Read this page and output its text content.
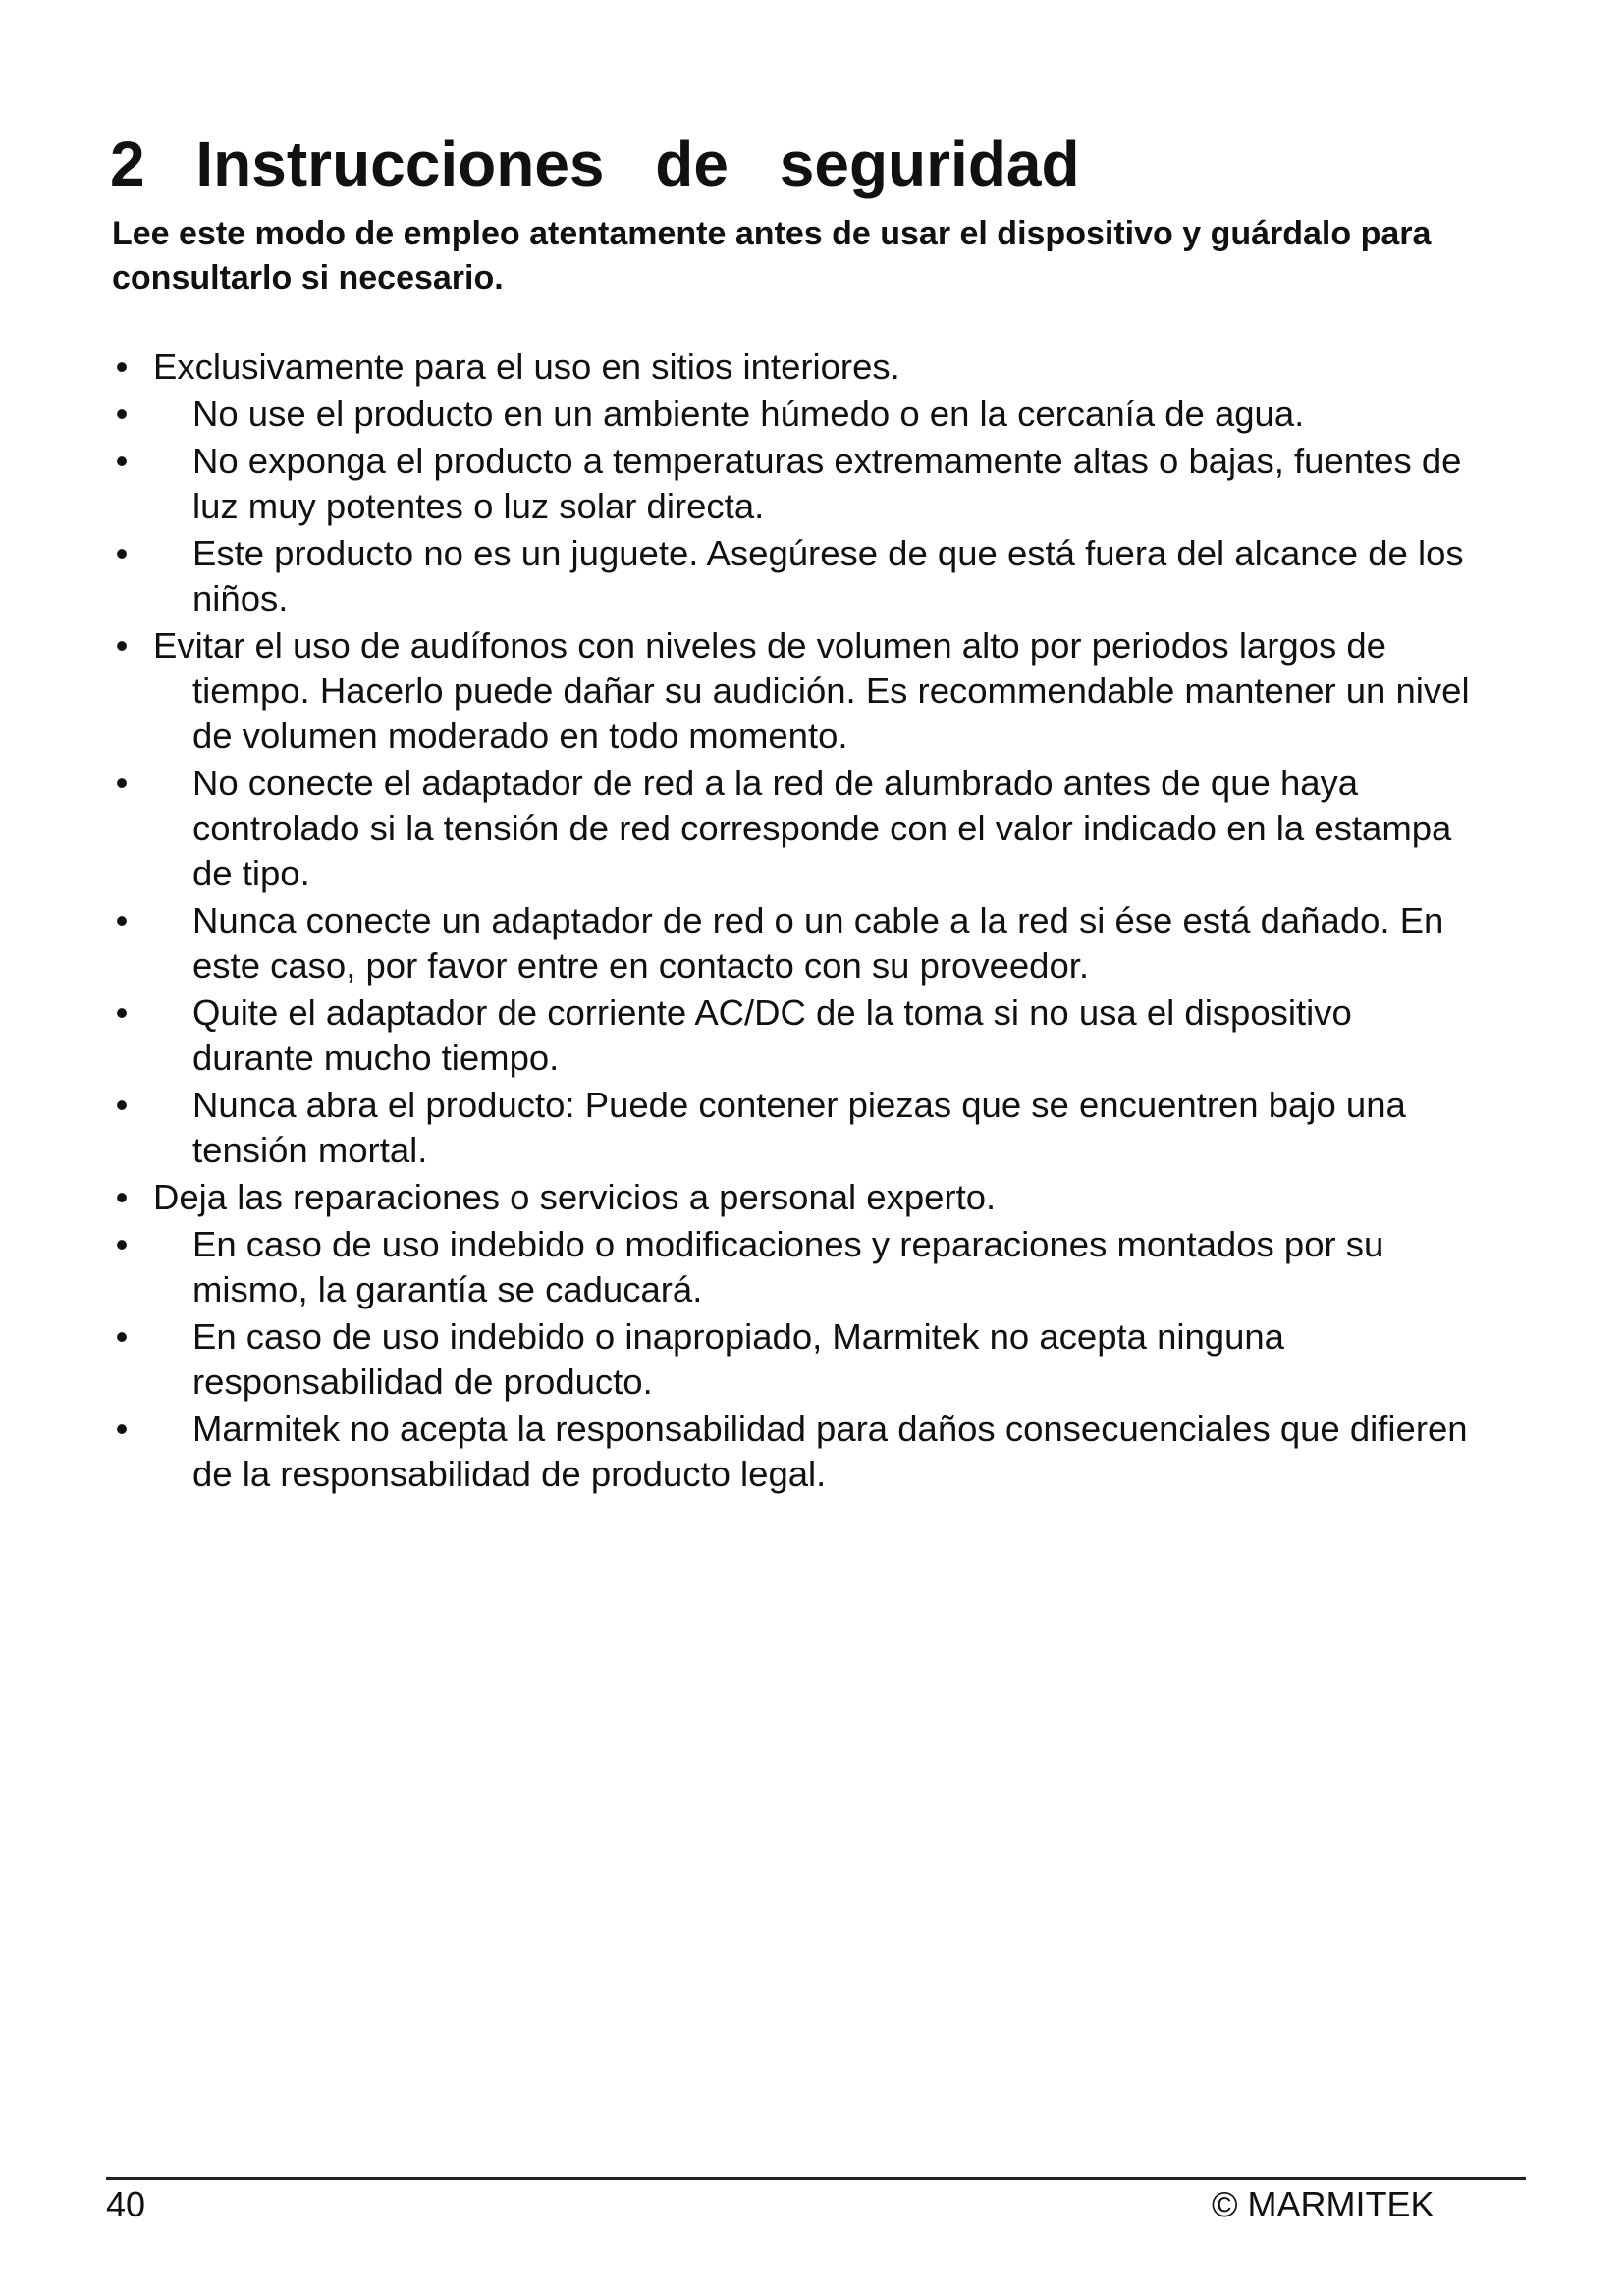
2 Instrucciones de seguridad

Lee este modo de empleo atentamente antes de usar el dispositivo y guárdalo para consultarlo si necesario.

• Exclusivamente para el uso en sitios interiores.
•	No use el producto en un ambiente húmedo o en la cercanía de agua.
•	No exponga el producto a temperaturas extremamente altas o bajas, fuentes de luz muy potentes o luz solar directa.
•	Este producto no es un juguete. Asegúrese de que está fuera del alcance de los niños.
• Evitar el uso de audífonos con niveles de volumen alto por periodos largos de tiempo. Hacerlo puede dañar su audición. Es recommendable mantener un nivel de volumen moderado en todo momento.
•	No conecte el adaptador de red a la red de alumbrado antes de que haya controlado si la tensión de red corresponde con el valor indicado en la estampa de tipo.
•	Nunca conecte un adaptador de red o un cable a la red si ése está dañado. En este caso, por favor entre en contacto con su proveedor.
•	Quite el adaptador de corriente AC/DC de la toma si no usa el dispositivo durante mucho tiempo.
•	Nunca abra el producto: Puede contener piezas que se encuentren bajo una tensión mortal.
• Deja las reparaciones o servicios a personal experto.
•	En caso de uso indebido o modificaciones y reparaciones montados por su mismo, la garantía se caducará.
•	En caso de uso indebido o inapropiado, Marmitek no acepta ninguna responsabilidad de producto.
•	Marmitek no acepta la responsabilidad para daños consecuenciales que difieren de la responsabilidad de producto legal.
40	© MARMITEK
